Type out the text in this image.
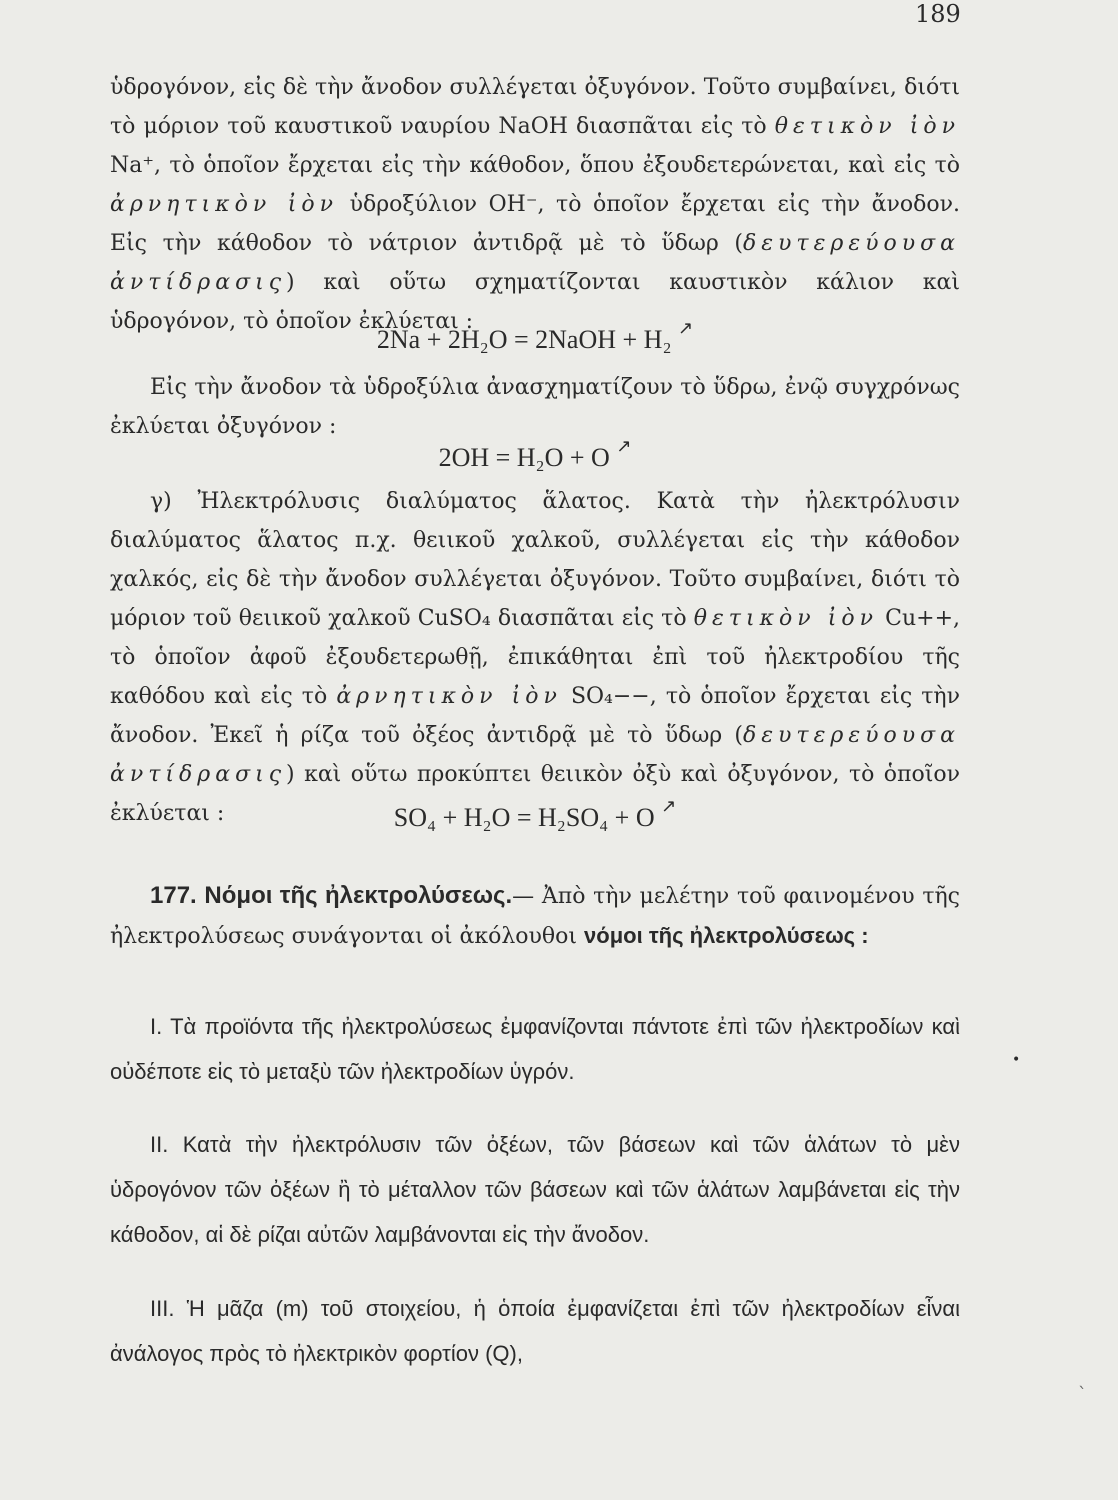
189
ὑδρογόνον, εἰς δὲ τὴν ἄνοδον συλλέγεται ὀξυγόνον. Τοῦτο συμβαίνει, διότι τὸ μόριον τοῦ καυστικοῦ ναυρίου NaOH διασπᾶται εἰς τὸ θετικὸν ἰὸν Na⁺, τὸ ὁποῖον ἔρχεται εἰς τὴν κάθοδον, ὅπου ἐξουδετερώνεται, καὶ εἰς τὸ ἀρνητικὸν ἰὸν ὑδροξύλιον OH⁻, τὸ ὁποῖον ἔρχεται εἰς τὴν ἄνοδον. Εἰς τὴν κάθοδον τὸ νάτριον ἀντιδρᾷ μὲ τὸ ὕδωρ (δευτερεύουσα ἀντίδρασις) καὶ οὕτω σχηματίζονται καυστικὸν κάλιον καὶ ὑδρογόνον, τὸ ὁποῖον ἐκλύεται :
2Na + 2H₂O = 2NaOH + H₂ ↗
Εἰς τὴν ἄνοδον τὰ ὑδροξύλια ἀνασχηματίζουν τὸ ὕδρω, ἐνῷ συγχρόνως ἐκλύεται ὀξυγόνον :
2OH = H₂O + O ↗
γ) Ἠλεκτρόλυσις διαλύματος ἅλατος. Κατὰ τὴν ἠλεκτρόλυσιν διαλύματος ἅλατος π.χ. θειικοῦ χαλκοῦ, συλλέγεται εἰς τὴν κάθοδον χαλκός, εἰς δὲ τὴν ἄνοδον συλλέγεται ὀξυγόνον. Τοῦτο συμβαίνει, διότι τὸ μόριον τοῦ θειικοῦ χαλκοῦ CuSO₄ διασπᾶται εἰς τὸ θετικὸν ἰὸν Cu++, τὸ ὁποῖον ἀφοῦ ἐξουδετερωθῇ, ἐπικάθηται ἐπὶ τοῦ ἠλεκτροδίου τῆς καθόδου καὶ εἰς τὸ ἀρνητικὸν ἰὸν SO₄−−, τὸ ὁποῖον ἔρχεται εἰς τὴν ἄνοδον. Ἐκεῖ ἡ ρίζα τοῦ ὀξέος ἀντιδρᾷ μὲ τὸ ὕδωρ (δευτερεύουσα ἀντίδρασις) καὶ οὕτω προκύπτει θειικὸν ὀξὺ καὶ ὀξυγόνον, τὸ ὁποῖον ἐκλύεται :	SO₄ + H₂O = H₂SO₄ + O ↗
177. Νόμοι τῆς ἠλεκτρολύσεως.— Ἀπὸ τὴν μελέτην τοῦ φαινομένου τῆς ἠλεκτρολύσεως συνάγονται οἱ ἀκόλουθοι νόμοι τῆς ἠλεκτρολύσεως :
Ι. Τὰ προϊόντα τῆς ἠλεκτρολύσεως ἐμφανίζονται πάντοτε ἐπὶ τῶν ἠλεκτροδίων καὶ οὐδέποτε εἰς τὸ μεταξὺ τῶν ἠλεκτροδίων ὑγρόν.
ΙΙ. Κατὰ τὴν ἠλεκτρόλυσιν τῶν ὀξέων, τῶν βάσεων καὶ τῶν ἁλάτων τὸ μὲν ὑδρογόνον τῶν ὀξέων ἢ τὸ μέταλλον τῶν βάσεων καὶ τῶν ἁλάτων λαμβάνεται εἰς τὴν κάθοδον, αἱ δὲ ρίζαι αὐτῶν λαμβάνονται εἰς τὴν ἄνοδον.
ΙΙΙ. Ἡ μᾶζα (m) τοῦ στοιχείου, ἡ ὁποία ἐμφανίζεται ἐπὶ τῶν ἠλεκτροδίων εἶναι ἀνάλογος πρὸς τὸ ἠλεκτρικὸν φορτίον (Q),
•
ˋ
